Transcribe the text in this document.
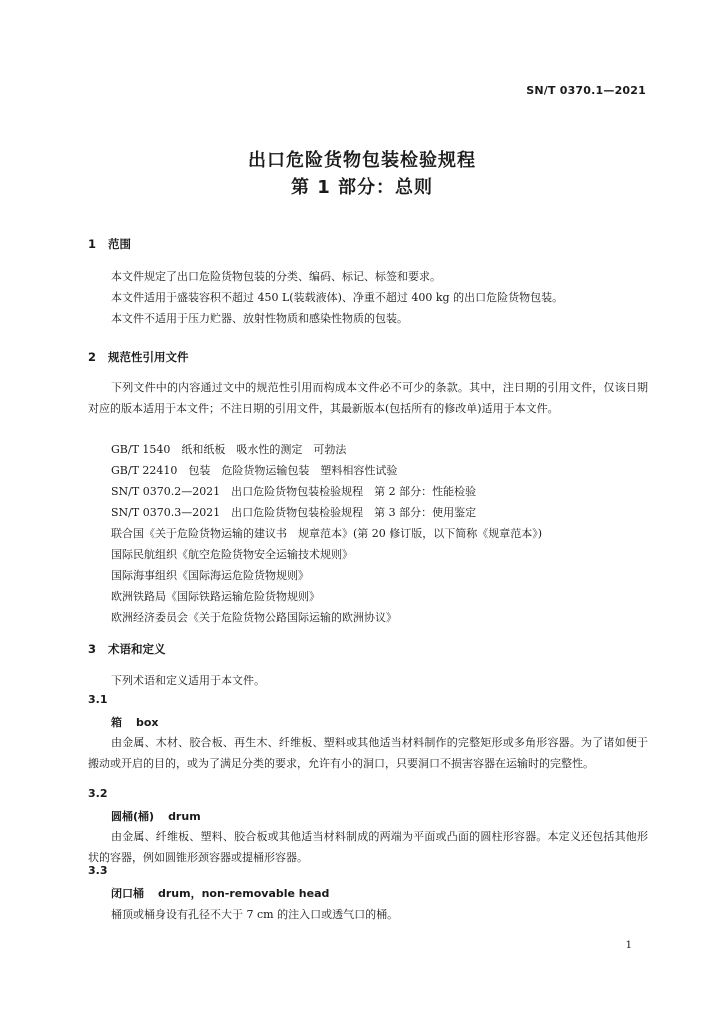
SN/T 0370.1—2021
出口危险货物包装检验规程
第 1 部分：总则
1 范围
本文件规定了出口危险货物包装的分类、编码、标记、标签和要求。
本文件适用于盛装容积不超过 450 L(装载液体)、净重不超过 400 kg 的出口危险货物包装。
本文件不适用于压力贮器、放射性物质和感染性物质的包装。
2 规范性引用文件
下列文件中的内容通过文中的规范性引用而构成本文件必不可少的条款。其中，注日期的引用文件，仅该日期对应的版本适用于本文件；不注日期的引用文件，其最新版本(包括所有的修改单)适用于本文件。
GB/T 1540　纸和纸板　吸水性的测定　可勃法
GB/T 22410　包装　危险货物运输包装　塑料相容性试验
SN/T 0370.2—2021　出口危险货物包装检验规程　第 2 部分：性能检验
SN/T 0370.3—2021　出口危险货物包装检验规程　第 3 部分：使用鉴定
联合国《关于危险货物运输的建议书　规章范本》(第 20 修订版，以下简称《规章范本》)
国际民航组织《航空危险货物安全运输技术规则》
国际海事组织《国际海运危险货物规则》
欧洲铁路局《国际铁路运输危险货物规则》
欧洲经济委员会《关于危险货物公路国际运输的欧洲协议》
3 术语和定义
下列术语和定义适用于本文件。
3.1
箱 box
由金属、木材、胶合板、再生木、纤维板、塑料或其他适当材料制作的完整矩形或多角形容器。为了诸如便于搬动或开启的目的，或为了满足分类的要求，允许有小的洞口，只要洞口不损害容器在运输时的完整性。
3.2
圆桶(桶) drum
由金属、纤维板、塑料、胶合板或其他适当材料制成的两端为平面或凸面的圆柱形容器。本定义还包括其他形状的容器，例如圆锥形颈容器或提桶形容器。
3.3
闭口桶 drum，non-removable head
桶顶或桶身设有孔径不大于 7 cm 的注入口或透气口的桶。
1
